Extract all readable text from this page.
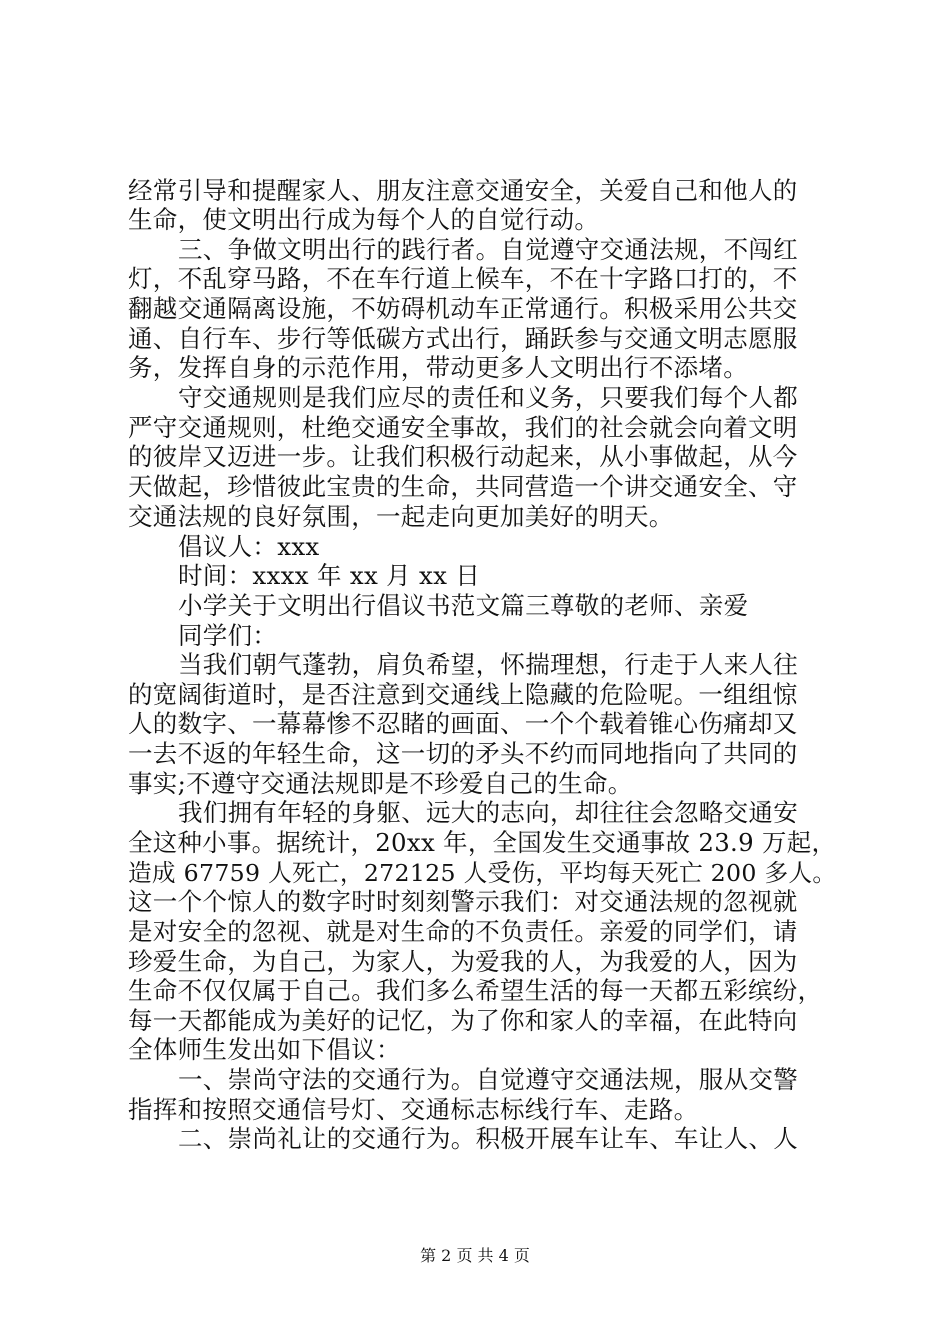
经常引导和提醒家人、朋友注意交通安全，关爱自己和他人的
生命，使文明出行成为每个人的自觉行动。
三、争做文明出行的践行者。自觉遵守交通法规，不闯红
灯，不乱穿马路，不在车行道上候车，不在十字路口打的，不
翻越交通隔离设施，不妨碍机动车正常通行。积极采用公共交
通、自行车、步行等低碳方式出行，踊跃参与交通文明志愿服
务，发挥自身的示范作用，带动更多人文明出行不添堵。
守交通规则是我们应尽的责任和义务，只要我们每个人都
严守交通规则，杜绝交通安全事故，我们的社会就会向着文明
的彼岸又迈进一步。让我们积极行动起来，从小事做起，从今
天做起，珍惜彼此宝贵的生命，共同营造一个讲交通安全、守
交通法规的良好氛围，一起走向更加美好的明天。
倡议人：xxx
时间：xxxx 年 xx 月 xx 日
小学关于文明出行倡议书范文篇三尊敬的老师、亲爱
同学们：
当我们朝气蓬勃，肩负希望，怀揣理想，行走于人来人往
的宽阔街道时，是否注意到交通线上隐藏的危险呢。一组组惊
人的数字、一幕幕惨不忍睹的画面、一个个载着锥心伤痛却又
一去不返的年轻生命，这一切的矛头不约而同地指向了共同的
事实;不遵守交通法规即是不珍爱自己的生命。
我们拥有年轻的身躯、远大的志向，却往往会忽略交通安
全这种小事。据统计，20xx 年，全国发生交通事故 23.9 万起，
造成 67759 人死亡，272125 人受伤，平均每天死亡 200 多人。
这一个个惊人的数字时时刻刻警示我们：对交通法规的忽视就
是对安全的忽视、就是对生命的不负责任。亲爱的同学们，请
珍爱生命，为自己，为家人，为爱我的人，为我爱的人，因为
生命不仅仅属于自己。我们多么希望生活的每一天都五彩缤纷，
每一天都能成为美好的记忆，为了你和家人的幸福，在此特向
全体师生发出如下倡议：
一、崇尚守法的交通行为。自觉遵守交通法规，服从交警
指挥和按照交通信号灯、交通标志标线行车、走路。
二、崇尚礼让的交通行为。积极开展车让车、车让人、人
第 2 页 共 4 页
